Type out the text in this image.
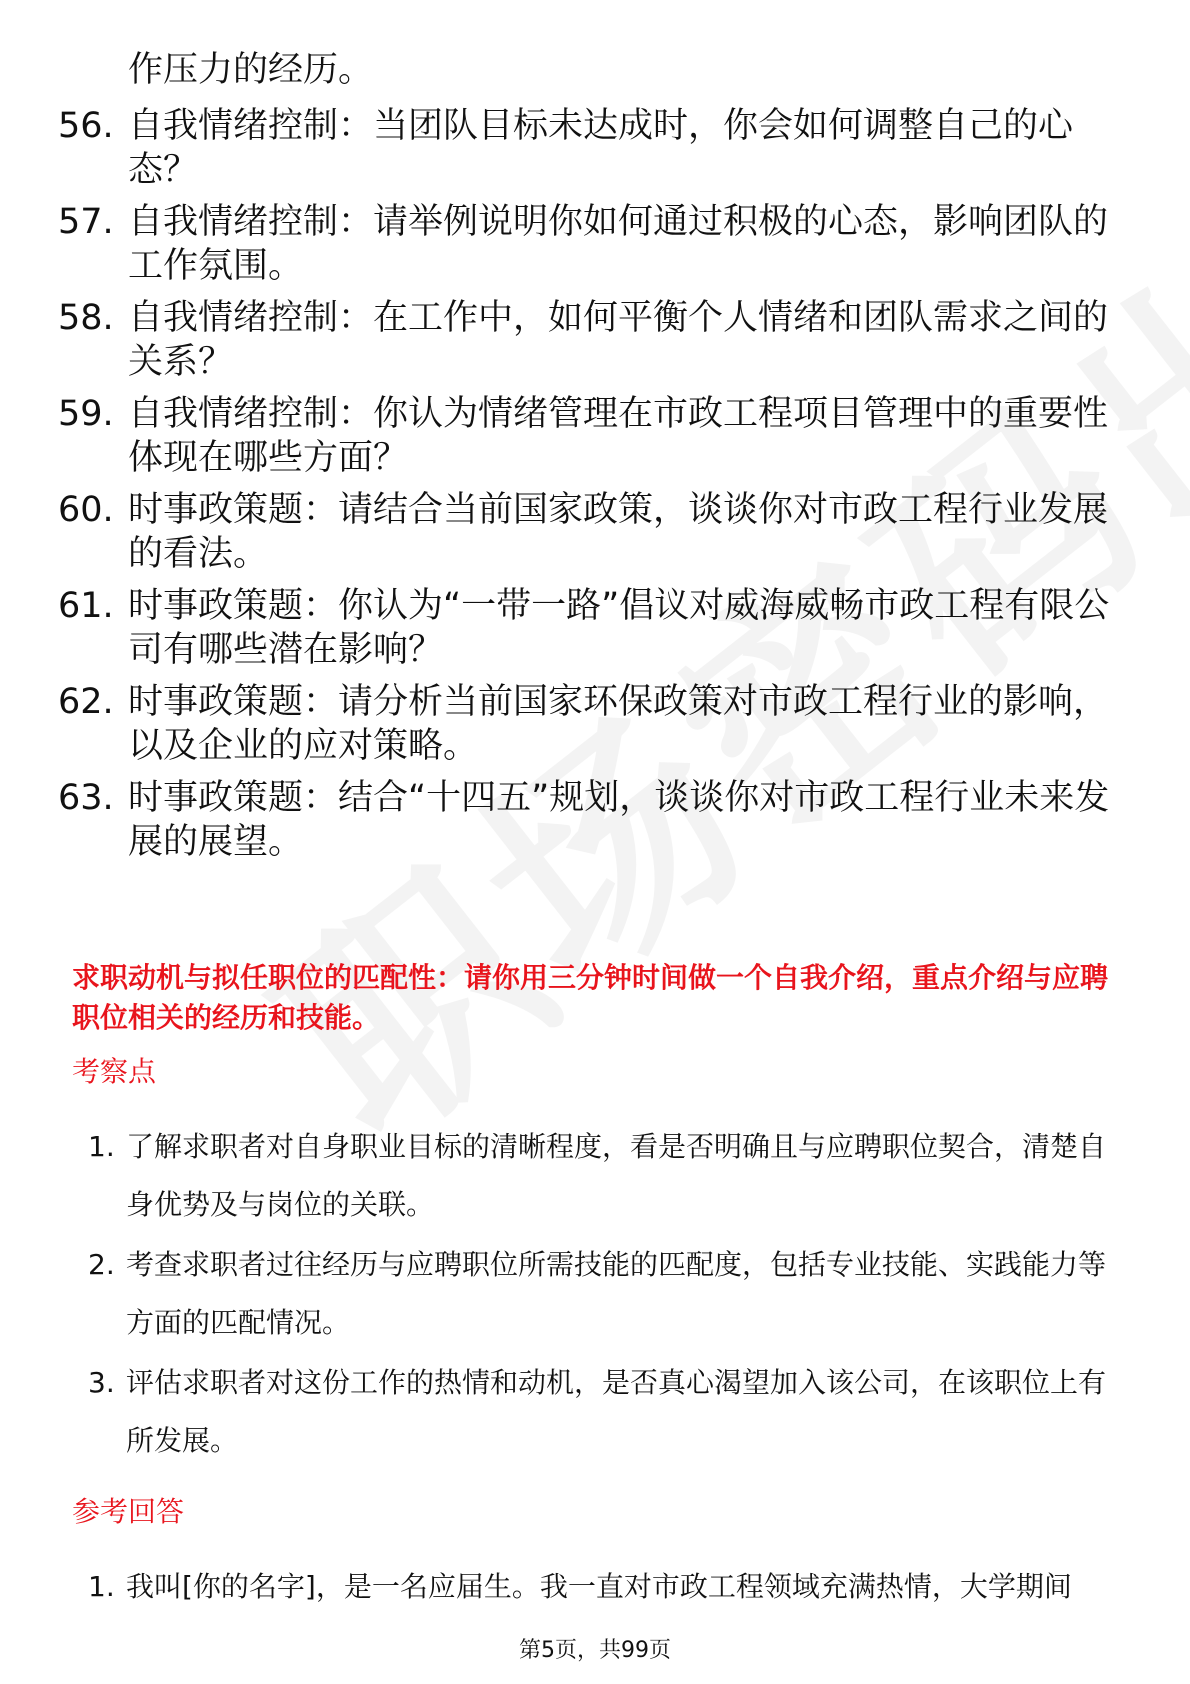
作压力的经历。
56. 自我情绪控制：当团队目标未达成时，你会如何调整自己的心态？
57. 自我情绪控制：请举例说明你如何通过积极的心态，影响团队的工作氛围。
58. 自我情绪控制：在工作中，如何平衡个人情绪和团队需求之间的关系？
59. 自我情绪控制：你认为情绪管理在市政工程项目管理中的重要性体现在哪些方面？
60. 时事政策题：请结合当前国家政策，谈谈你对市政工程行业发展的看法。
61. 时事政策题：你认为“一带一路”倡议对威海威畅市政工程有限公司有哪些潜在影响？
62. 时事政策题：请分析当前国家环保政策对市政工程行业的影响，以及企业的应对策略。
63. 时事政策题：结合“十四五”规划，谈谈你对市政工程行业未来发展的展望。
求职动机与拟任职位的匹配性：请你用三分钟时间做一个自我介绍，重点介绍与应聘职位相关的经历和技能。
考察点
1. 了解求职者对自身职业目标的清晰程度，看是否明确且与应聘职位契合，清楚自身优势及与岗位的关联。
2. 考查求职者过往经历与应聘职位所需技能的匹配度，包括专业技能、实践能力等方面的匹配情况。
3. 评估求职者对这份工作的热情和动机，是否真心渴望加入该公司，在该职位上有所发展。
参考回答
1. 我叫[你的名字]，是一名应届生。我一直对市政工程领域充满热情，大学期间
第5页，共99页
